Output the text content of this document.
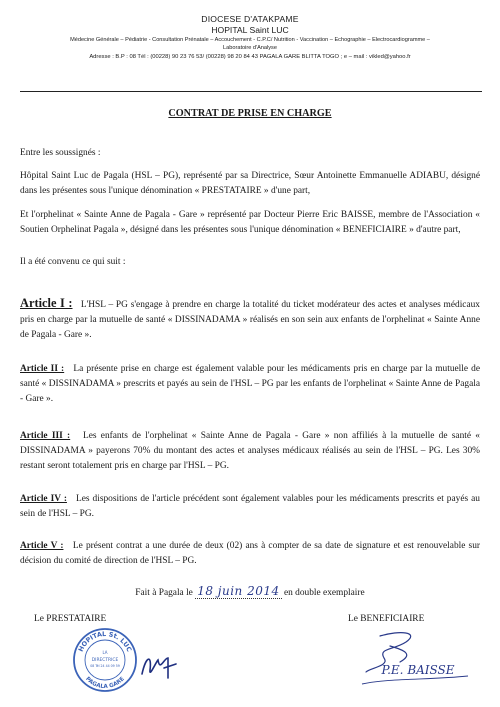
DIOCESE D'ATAKPAME
HOPITAL Saint LUC
Médecine Générale – Pédiatrie - Consultation Prénatale – Accouchement - C.P.C/ Nutrition - Vaccination – Echographie – Electrocardiogramme –
Laboratoire d'Analyse
Adresse : B.P : 08 Tél : (00228) 90 23 76 53/ (00228) 98 20 84 43 PAGALA GARE BLITTA TOGO ; e – mail : vikled@yahoo.fr
CONTRAT DE PRISE EN CHARGE
Entre les soussignés :
Hôpital Saint Luc de Pagala (HSL – PG), représenté par sa Directrice, Sœur Antoinette Emmanuelle ADIABU, désigné dans les présentes sous l'unique dénomination « PRESTATAIRE » d'une part,
Et l'orphelinat « Sainte Anne de Pagala - Gare » représenté par Docteur Pierre Eric BAISSE, membre de l'Association « Soutien Orphelinat Pagala », désigné dans les présentes sous l'unique dénomination « BENEFICIAIRE » d'autre part,
Il a été convenu ce qui suit :
Article I : L'HSL – PG s'engage à prendre en charge la totalité du ticket modérateur des actes et analyses médicaux pris en charge par la mutuelle de santé « DISSINADAMA » réalisés en son sein aux enfants de l'orphelinat « Sainte Anne de Pagala - Gare ».
Article II : La présente prise en charge est également valable pour les médicaments pris en charge par la mutuelle de santé « DISSINADAMA » prescrits et payés au sein de l'HSL – PG par les enfants de l'orphelinat « Sainte Anne de Pagala - Gare ».
Article III : Les enfants de l'orphelinat « Sainte Anne de Pagala - Gare » non affiliés à la mutuelle de santé « DISSINADAMA » payerons 70% du montant des actes et analyses médicaux réalisés au sein de l'HSL – PG. Les 30% restant seront totalement pris en charge par l'HSL – PG.
Article IV : Les dispositions de l'article précédent sont également valables pour les médicaments prescrits et payés au sein de l'HSL – PG.
Article V : Le présent contrat a une durée de deux (02) ans à compter de sa date de signature et est renouvelable sur décision du comité de direction de l'HSL – PG.
Fait à Pagala le 18 juin 2014 en double exemplaire
Le PRESTATAIRE	Le BENEFICIAIRE
HOPITAL St. LUC
PAGALA GARE
LA
DIRECTRICE
08 Tél 24 44 09 59	P.E. BAISSE
